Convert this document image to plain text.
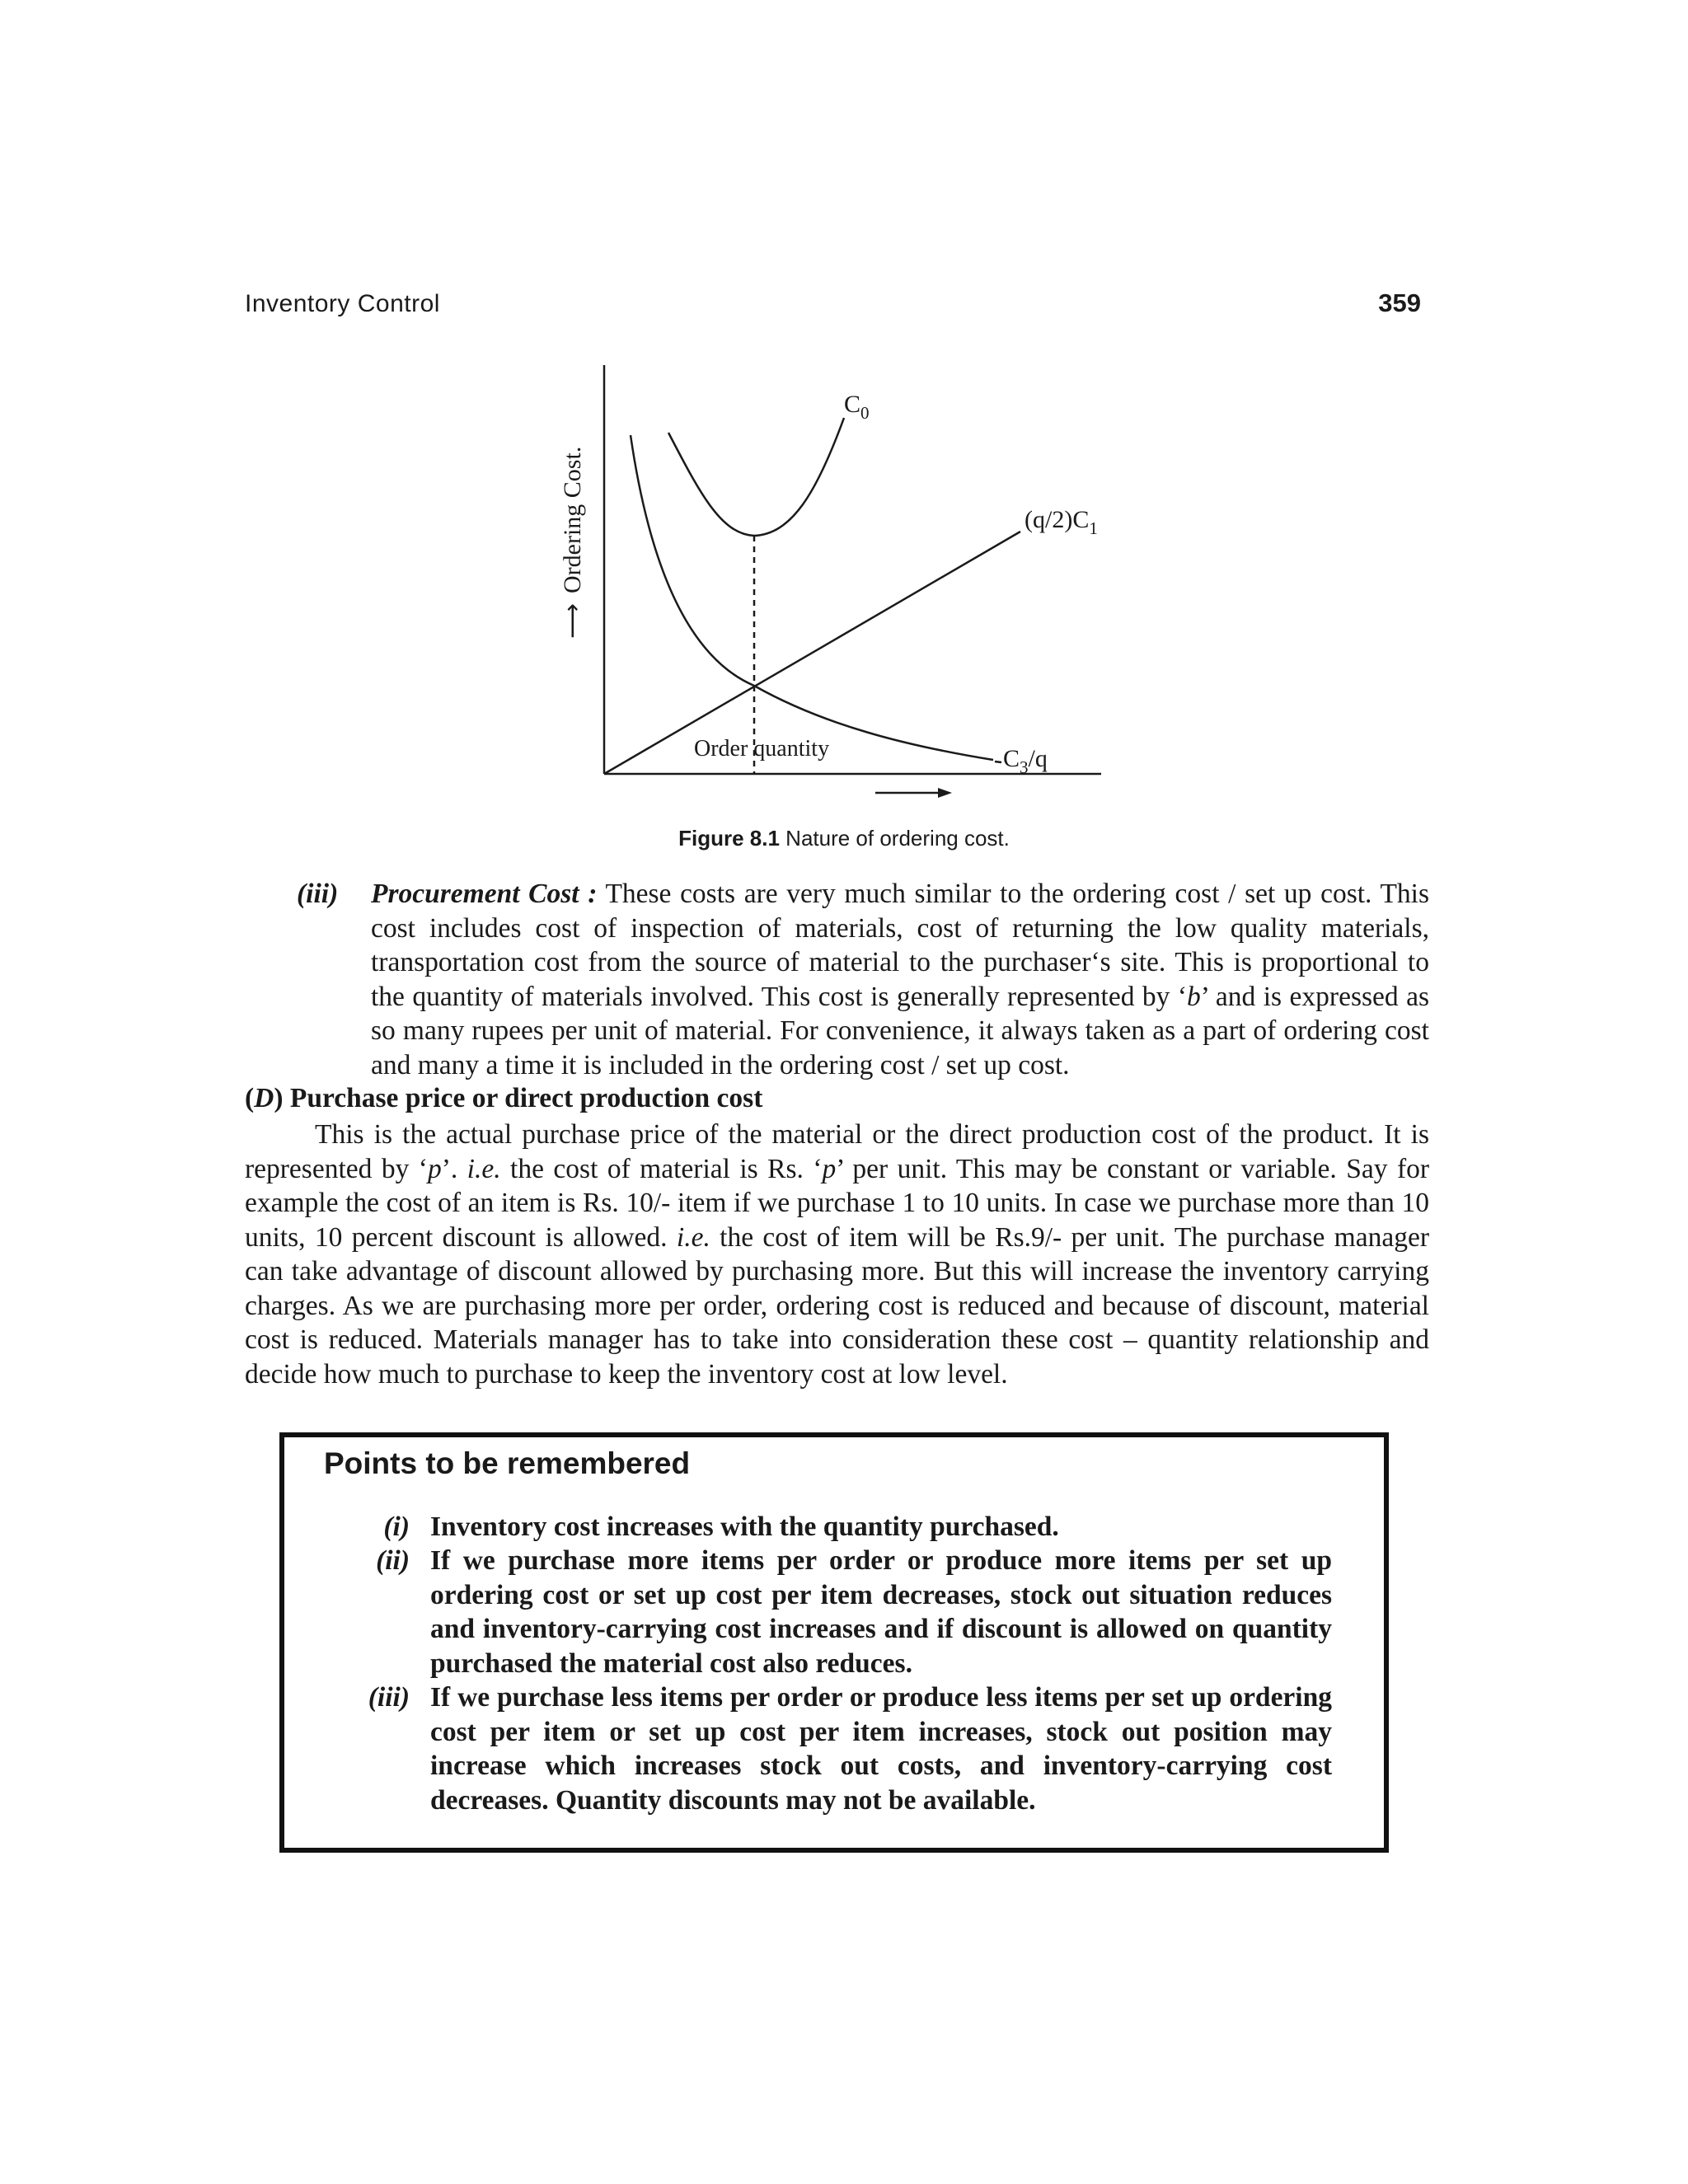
Inventory Control	359
⟶
Ordering Cost.
Order quantity
$C_0$
$(q/2)C_1$
$C_3/q$
Figure 8.1 Nature of ordering cost.
(iii) Procurement Cost : These costs are very much similar to the ordering cost / set up cost. This cost includes cost of inspection of materials, cost of returning the low quality materials, transportation cost from the source of material to the purchaser‘s site. This is proportional to the quantity of materials involved. This cost is generally represented by ‘b’ and is expressed as so many rupees per unit of material. For convenience, it always taken as a part of ordering cost and many a time it is included in the ordering cost / set up cost.
(D) Purchase price or direct production cost
This is the actual purchase price of the material or the direct production cost of the product. It is represented by ‘p’. i.e. the cost of material is Rs. ‘p’ per unit. This may be constant or variable. Say for example the cost of an item is Rs. 10/- item if we purchase 1 to 10 units. In case we purchase more than 10 units, 10 percent discount is allowed. i.e. the cost of item will be Rs.9/- per unit. The purchase manager can take advantage of discount allowed by purchasing more. But this will increase the inventory carrying charges. As we are purchasing more per order, ordering cost is reduced and because of discount, material cost is reduced. Materials manager has to take into consideration these cost – quantity relationship and decide how much to purchase to keep the inventory cost at low level.
Points to be remembered
(i) Inventory cost increases with the quantity purchased.
(ii) If we purchase more items per order or produce more items per set up ordering cost or set up cost per item decreases, stock out situation reduces and inventory-carrying cost increases and if discount is allowed on quantity purchased the material cost also reduces.
(iii) If we purchase less items per order or produce less items per set up ordering cost per item or set up cost per item increases, stock out position may increase which increases stock out costs, and inventory-carrying cost decreases. Quantity discounts may not be available.
